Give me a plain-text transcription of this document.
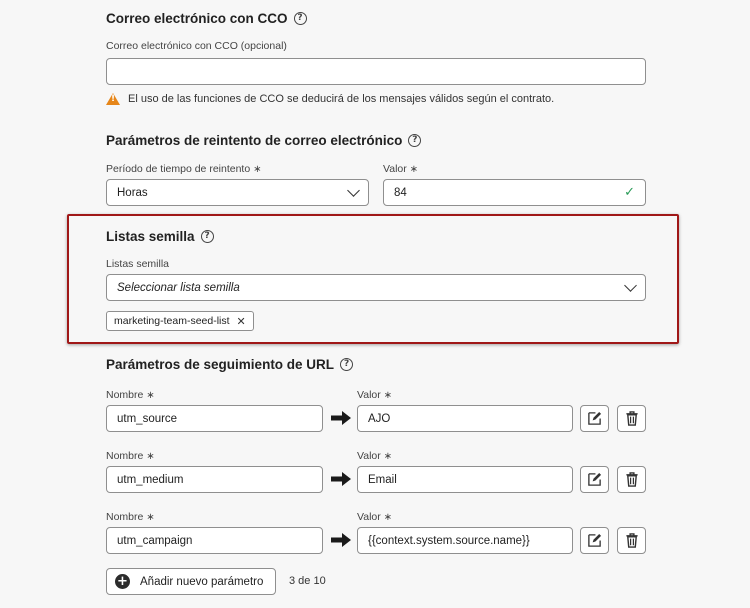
Correo electrónico con CCO	?
Correo electrónico con CCO (opcional)
! El uso de las funciones de CCO se deducirá de los mensajes válidos según el contrato.
Parámetros de reintento de correo electrónico	?
Período de tiempo de reintento ∗
Horas
Valor ∗
84	✓
Listas semilla	?
Listas semilla
Seleccionar lista semilla
marketing-team-seed-list ✕
Parámetros de seguimiento de URL	?
Nombre ∗	Valor ∗
utm_source	AJO
Nombre ∗	Valor ∗
utm_medium	Email
Nombre ∗	Valor ∗
utm_campaign	{{context.system.source.name}}
+ Añadir nuevo parámetro 3 de 10
